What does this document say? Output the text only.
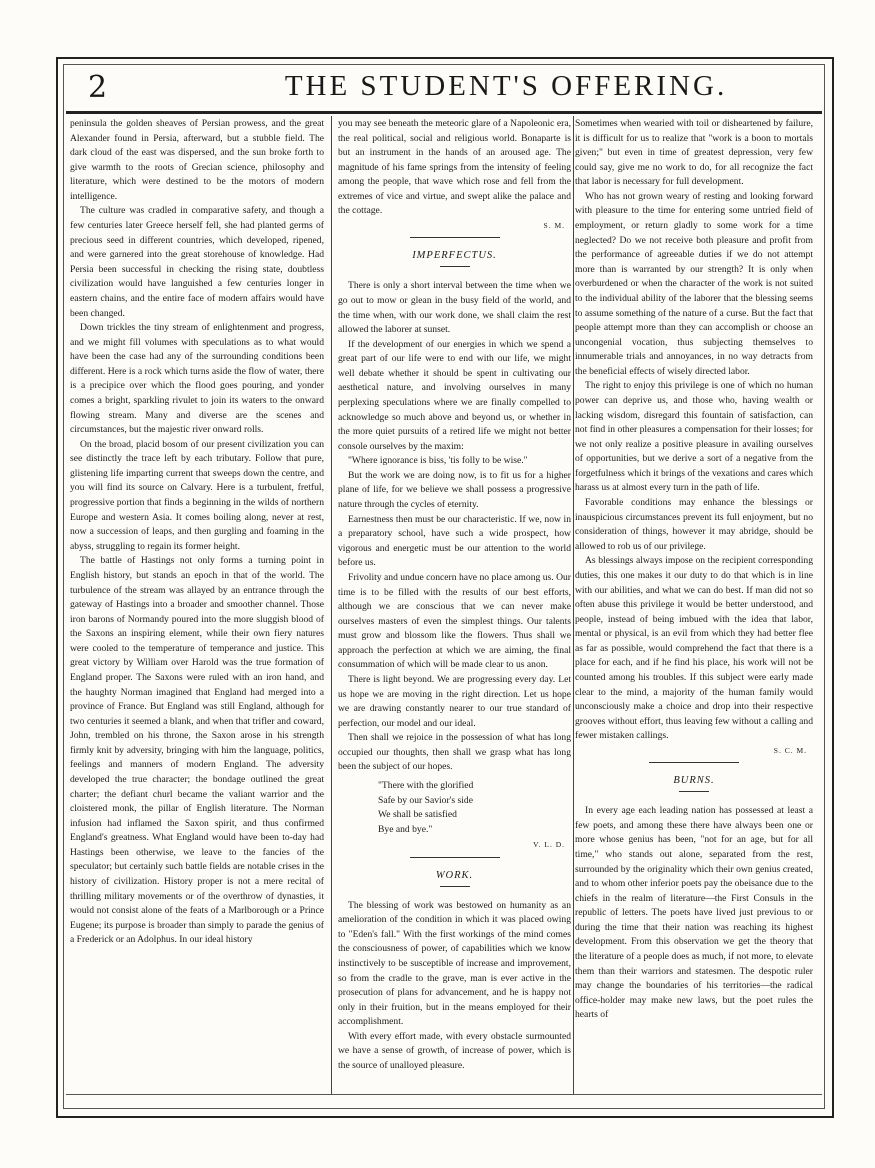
2	THE STUDENT'S OFFERING.

peninsula the golden sheaves of Persian prowess, and the great Alexander found in Persia, afterward, but a stubble field. The dark cloud of the east was dispersed, and the sun broke forth to give warmth to the roots of Grecian science, philosophy and literature, which were destined to be the motors of modern intelligence.

The culture was cradled in comparative safety, and though a few centuries later Greece herself fell, she had planted germs of precious seed in different countries, which developed, ripened, and were garnered into the great storehouse of knowledge. Had Persia been successful in checking the rising state, doubtless civilization would have languished a few centuries longer in eastern chains, and the entire face of modern affairs would have been changed.

Down trickles the tiny stream of enlightenment and progress, and we might fill volumes with speculations as to what would have been the case had any of the surrounding conditions been different. Here is a rock which turns aside the flow of water, there is a precipice over which the flood goes pouring, and yonder comes a bright, sparkling rivulet to join its waters to the onward flowing stream. Many and diverse are the scenes and circumstances, but the majestic river onward rolls.

On the broad, placid bosom of our present civilization you can see distinctly the trace left by each tributary. Follow that pure, glistening life imparting current that sweeps down the centre, and you will find its source on Calvary. Here is a turbulent, fretful, progressive portion that finds a beginning in the wilds of northern Europe and western Asia. It comes boiling along, never at rest, now a succession of leaps, and then gurgling and foaming in the abyss, struggling to regain its former height.

The battle of Hastings not only forms a turning point in English history, but stands an epoch in that of the world. The turbulence of the stream was allayed by an entrance through the gateway of Hastings into a broader and smoother channel. Those iron barons of Normandy poured into the more sluggish blood of the Saxons an inspiring element, while their own fiery natures were cooled to the temperature of temperance and justice. This great victory by William over Harold was the true formation of England proper. The Saxons were ruled with an iron hand, and the haughty Norman imagined that England had merged into a province of France. But England was still England, although for two centuries it seemed a blank, and when that trifler and coward, John, trembled on his throne, the Saxon arose in his strength firmly knit by adversity, bringing with him the language, politics, feelings and manners of modern England. The adversity developed the true character; the bondage outlined the great charter; the defiant churl became the valiant warrior and the cloistered monk, the pillar of English literature. The Norman infusion had inflamed the Saxon spirit, and thus confirmed England's greatness. What England would have been to-day had Hastings been otherwise, we leave to the fancies of the speculator; but certainly such battle fields are notable crises in the history of civilization. History proper is not a mere recital of thrilling military movements or of the overthrow of dynasties, it would not consist alone of the feats of a Marlborough or a Prince Eugene; its purpose is broader than simply to parade the genius of a Frederick or an Adolphus. In our ideal history

you may see beneath the meteoric glare of a Napoleonic era, the real political, social and religious world. Bonaparte is but an instrument in the hands of an aroused age. The magnitude of his fame springs from the intensity of feeling among the people, that wave which rose and fell from the extremes of vice and virtue, and swept alike the palace and the cottage.

S. M.
IMPERFECTUS.

There is only a short interval between the time when we go out to mow or glean in the busy field of the world, and the time when, with our work done, we shall claim the rest allowed the laborer at sunset.

If the development of our energies in which we spend a great part of our life were to end with our life, we might well debate whether it should be spent in cultivating our aesthetical nature, and involving ourselves in many perplexing speculations where we are finally compelled to acknowledge so much above and beyond us, or whether in the more quiet pursuits of a retired life we might not better console ourselves by the maxim:

"Where ignorance is biss, 'tis folly to be wise."

But the work we are doing now, is to fit us for a higher plane of life, for we believe we shall possess a progressive nature through the cycles of eternity.

Earnestness then must be our characteristic. If we, now in a preparatory school, have such a wide prospect, how vigorous and energetic must be our attention to the world before us.

Frivolity and undue concern have no place among us. Our time is to be filled with the results of our best efforts, although we are conscious that we can never make ourselves masters of even the simplest things. Our talents must grow and blossom like the flowers. Thus shall we approach the perfection at which we are aiming, the final consummation of which will be made clear to us anon.

There is light beyond. We are progressing every day. Let us hope we are moving in the right direction. Let us hope we are drawing constantly nearer to our true standard of perfection, our model and our ideal.

Then shall we rejoice in the possession of what has long occupied our thoughts, then shall we grasp what has long been the subject of our hopes.

"There with the glorified
Safe by our Savior's side
We shall be satisfied
Bye and bye."
V. L. D.
WORK.

The blessing of work was bestowed on humanity as an amelioration of the condition in which it was placed owing to "Eden's fall." With the first workings of the mind comes the consciousness of power, of capabilities which we know instinctively to be susceptible of increase and improvement, so from the cradle to the grave, man is ever active in the prosecution of plans for advancement, and he is happy not only in their fruition, but in the means employed for their accomplishment.

With every effort made, with every obstacle surmounted we have a sense of growth, of increase of power, which is the source of unalloyed pleasure.

Sometimes when wearied with toil or disheartened by failure, it is difficult for us to realize that "work is a boon to mortals given;" but even in time of greatest depression, very few could say, give me no work to do, for all recognize the fact that labor is necessary for full development.

Who has not grown weary of resting and looking forward with pleasure to the time for entering some untried field of employment, or return gladly to some work for a time neglected? Do we not receive both pleasure and profit from the performance of agreeable duties if we do not attempt more than is warranted by our strength? It is only when overburdened or when the character of the work is not suited to the individual ability of the laborer that the blessing seems to assume something of the nature of a curse. But the fact that people attempt more than they can accomplish or choose an uncongenial vocation, thus subjecting themselves to innumerable trials and annoyances, in no way detracts from the beneficial effects of wisely directed labor.

The right to enjoy this privilege is one of which no human power can deprive us, and those who, having wealth or lacking wisdom, disregard this fountain of satisfaction, can not find in other pleasures a compensation for their losses; for we not only realize a positive pleasure in availing ourselves of opportunities, but we derive a sort of a negative from the forgetfulness which it brings of the vexations and cares which harass us at almost every turn in the path of life.

Favorable conditions may enhance the blessings or inauspicious circumstances prevent its full enjoyment, but no consideration of things, however it may abridge, should be allowed to rob us of our privilege.

As blessings always impose on the recipient corresponding duties, this one makes it our duty to do that which is in line with our abilities, and what we can do best. If man did not so often abuse this privilege it would be better understood, and people, instead of being imbued with the idea that labor, mental or physical, is an evil from which they had better flee as far as possible, would comprehend the fact that there is a place for each, and if he find his place, his work will not be counted among his troubles. If this subject were early made clear to the mind, a majority of the human family would unconsciously make a choice and drop into their respective grooves without effort, thus leaving few without a calling and fewer mistaken callings.

S. C. M.
BURNS.

In every age each leading nation has possessed at least a few poets, and among these there have always been one or more whose genius has been, "not for an age, but for all time," who stands out alone, separated from the rest, surrounded by the originality which their own genius created, and to whom other inferior poets pay the obeisance due to the chiefs in the realm of literature—the First Consuls in the republic of letters. The poets have lived just previous to or during the time that their nation was reaching its highest development. From this observation we get the theory that the literature of a people does as much, if not more, to elevate them than their warriors and statesmen. The despotic ruler may change the boundaries of his territories—the radical office-holder may make new laws, but the poet rules the hearts of
